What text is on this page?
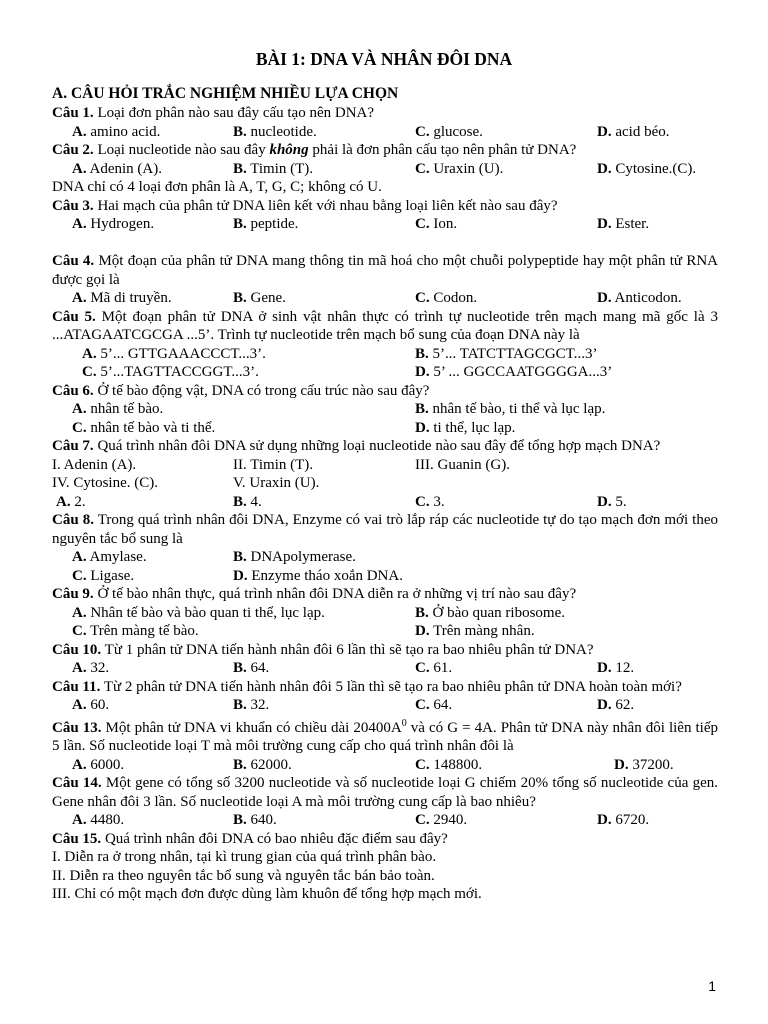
BÀI 1: DNA VÀ NHÂN ĐÔI DNA
A. CÂU HỎI TRẮC NGHIỆM NHIỀU LỰA CHỌN
Câu 1. Loại đơn phân nào sau đây cấu tạo nên DNA?
A. amino acid.	B. nucleotide.	C. glucose.	D. acid béo.
Câu 2. Loại nucleotide nào sau đây không phải là đơn phân cấu tạo nên phân tử DNA?
A. Adenin (A).	B. Timin (T).	C. Uraxin (U).	D. Cytosine.(C).
DNA chỉ có 4 loại đơn phân là A, T, G, C; không có U.
Câu 3. Hai mạch của phân tử DNA liên kết với nhau bằng loại liên kết nào sau đây?
A. Hydrogen.	B. peptide.	C. Ion.	D. Ester.
Câu 4. Một đoạn của phân tử DNA mang thông tin mã hoá cho một chuỗi polypeptide hay một phân tử RNA được gọi là
A. Mã di truyền.	B. Gene.	C. Codon.	D. Anticodon.
Câu 5. Một đoạn phân tử DNA ở sinh vật nhân thực có trình tự nucleotide trên mạch mang mã gốc là 3 ...ATAGAATCGCGA ...5’. Trình tự nucleotide trên mạch bổ sung của đoạn DNA này là
A. 5’... GTTGAAACCCT...3’.	B. 5’... TATCTTAGCGCT...3’
C. 5’...TAGTTACCGGT...3’.	D. 5’ ... GGCCAATGGGGA...3’
Câu 6. Ở tế bào động vật, DNA có trong cấu trúc nào sau đây?
A. nhân tế bào.	B. nhân tế bào, ti thể và lục lạp.
C. nhân tế bào và ti thể.	D. ti thể, lục lạp.
Câu 7. Quá trình nhân đôi DNA sử dụng những loại nucleotide nào sau đây để tổng hợp mạch DNA?
I. Adenin (A).	II. Timin (T).	III. Guanin (G).
IV. Cytosine. (C).	V. Uraxin (U).
A. 2.	B. 4.	C. 3.	D. 5.
Câu 8. Trong quá trình nhân đôi DNA, Enzyme có vai trò lắp ráp các nucleotide tự do tạo mạch đơn mới theo nguyên tắc bổ sung là
A. Amylase.	B. DNApolymerase.
C. Ligase.	D. Enzyme tháo xoắn DNA.
Câu 9. Ở tế bào nhân thực, quá trình nhân đôi DNA diễn ra ở những vị trí nào sau đây?
A. Nhân tế bào và bào quan ti thể, lục lạp.	B. Ở bào quan ribosome.
C. Trên màng tế bào.	D. Trên màng nhân.
Câu 10. Từ 1 phân tử DNA tiến hành nhân đôi 6 lần thì sẽ tạo ra bao nhiêu phân tử DNA?
A. 32.	B. 64.	C. 61.	D. 12.
Câu 11. Từ 2 phân tử DNA tiến hành nhân đôi 5 lần thì sẽ tạo ra bao nhiêu phân tử DNA hoàn toàn mới?
A. 60.	B. 32.	C. 64.	D. 62.
Câu 13. Một phân tử DNA vi khuẩn có chiều dài $20400A^0$ và có G = 4A. Phân tử DNA này nhân đôi liên tiếp 5 lần. Số nucleotide loại T mà môi trường cung cấp cho quá trình nhân đôi là
A. 6000.	B. 62000.	C. 148800.	D. 37200.
Câu 14. Một gene có tổng số 3200 nucleotide và số nucleotide loại G chiếm 20% tổng số nucleotide của gen. Gene nhân đôi 3 lần. Số nucleotide loại A mà môi trường cung cấp là bao nhiêu?
A. 4480.	B. 640.	C. 2940.	D. 6720.
Câu 15. Quá trình nhân đôi DNA có bao nhiêu đặc điểm sau đây?
I. Diễn ra ở trong nhân, tại kì trung gian của quá trình phân bào.
II. Diễn ra theo nguyên tắc bổ sung và nguyên tắc bán bảo toàn.
III. Chỉ có một mạch đơn được dùng làm khuôn để tổng hợp mạch mới.
1
